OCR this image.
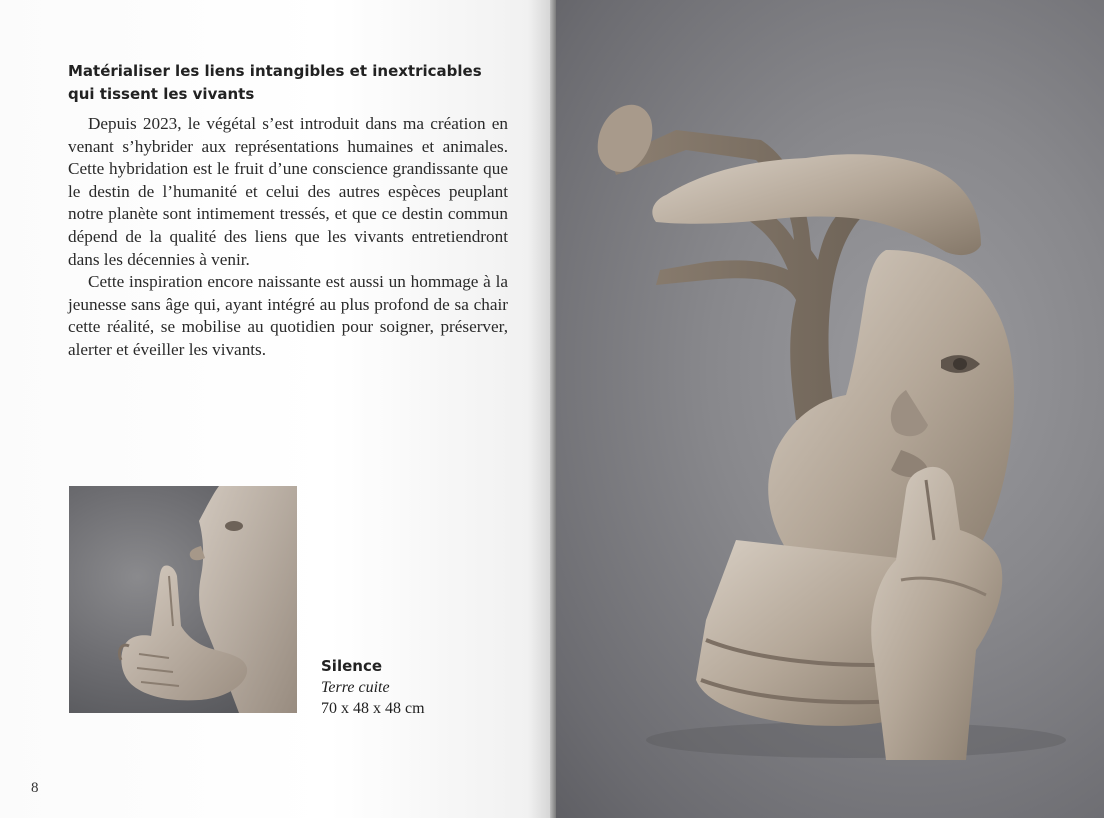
Matérialiser les liens intangibles et inextricables qui tissent les vivants

Depuis 2023, le végétal s’est introduit dans ma création en venant s’hybrider aux représentations humaines et animales. Cette hybridation est le fruit d’une conscience grandissante que le destin de l’humanité et celui des autres espèces peuplant notre planète sont intimement tressés, et que ce destin commun dépend de la qualité des liens que les vivants entretiendront dans les décennies à venir.

Cette inspiration encore naissante est aussi un hommage à la jeunesse sans âge qui, ayant intégré au plus profond de sa chair cette réalité, se mobilise au quotidien pour soigner, préserver, alerter et éveiller les vivants.

Silence
Terre cuite
70 x 48 x 48 cm
8
